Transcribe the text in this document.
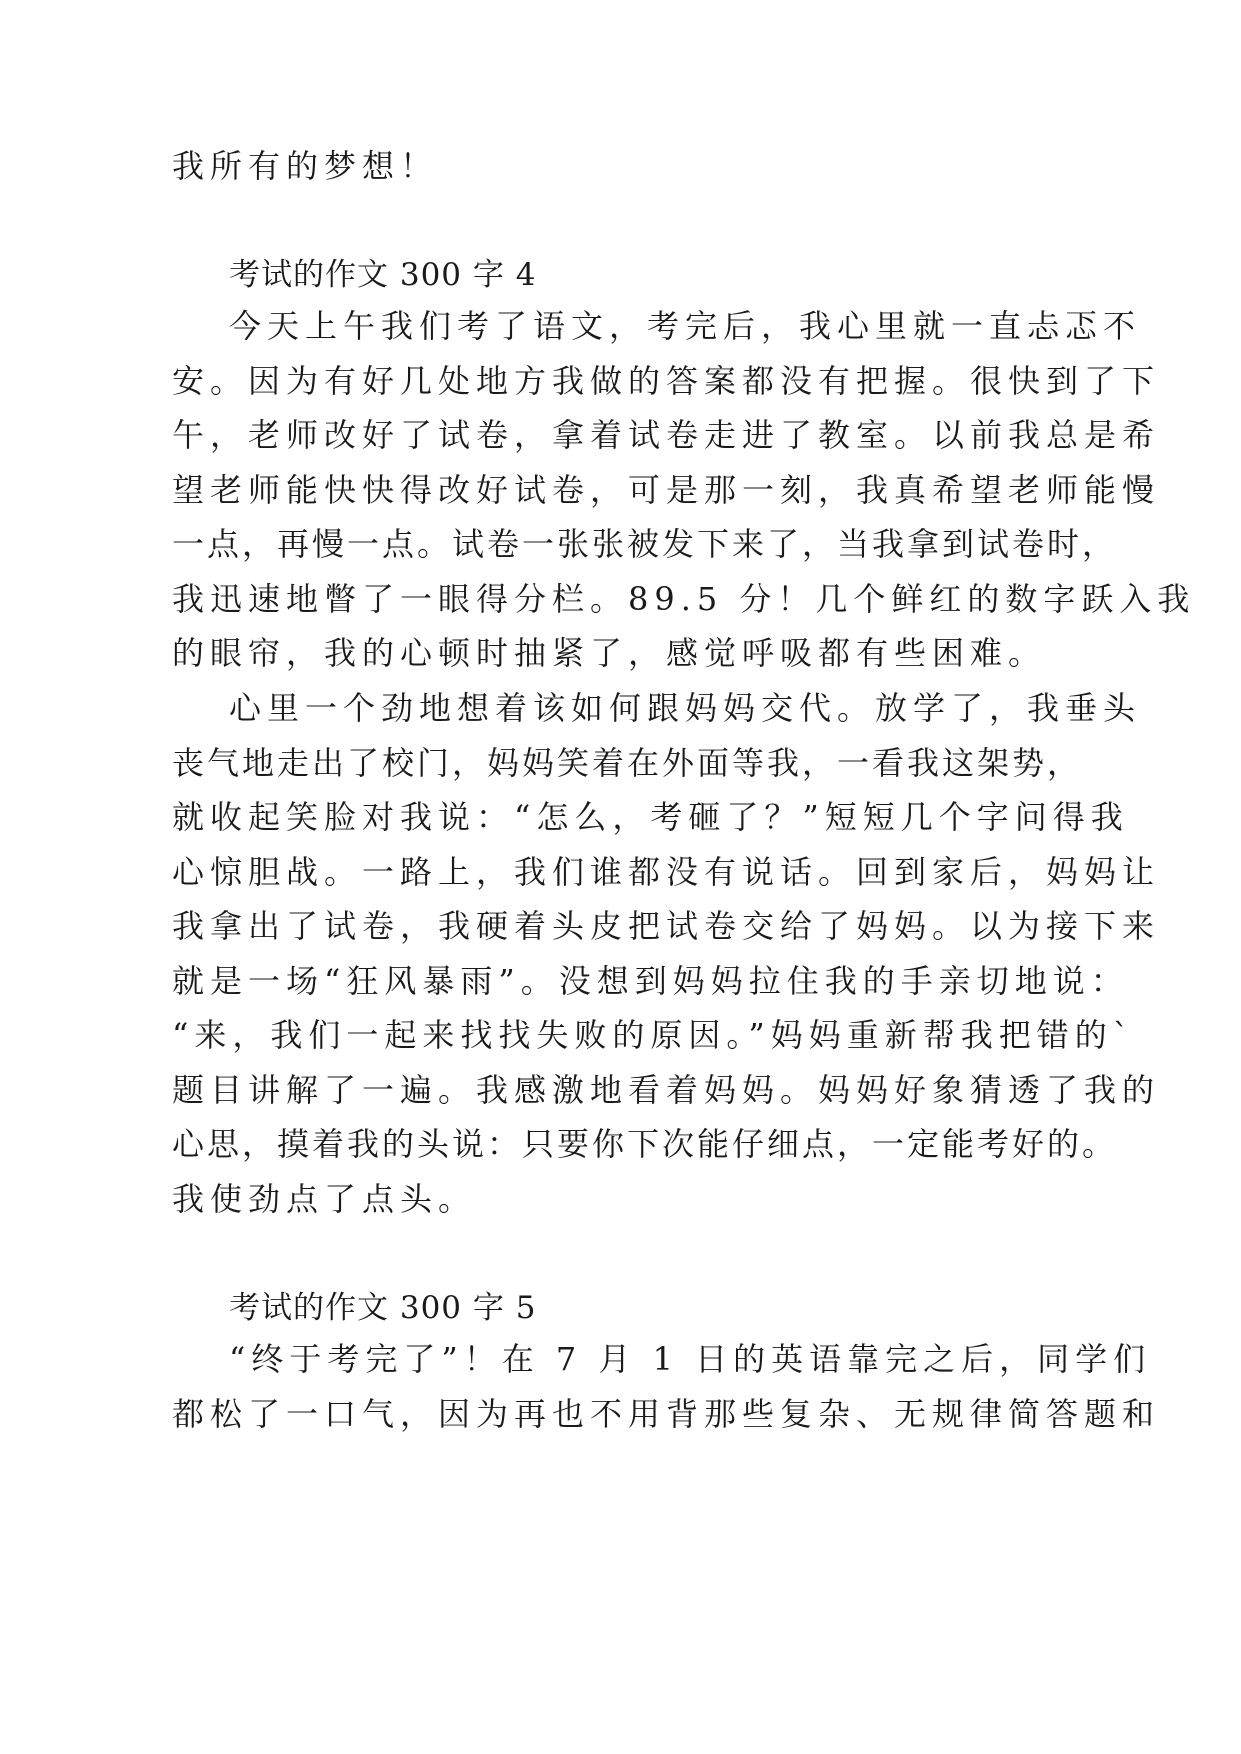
我所有的梦想！

考试的作文 300 字 4

今天上午我们考了语文，考完后，我心里就一直忐忑不

安。因为有好几处地方我做的答案都没有把握。很快到了下

午，老师改好了试卷，拿着试卷走进了教室。以前我总是希

望老师能快快得改好试卷，可是那一刻，我真希望老师能慢

一点，再慢一点。试卷一张张被发下来了，当我拿到试卷时，

我迅速地瞥了一眼得分栏。89.5 分！几个鲜红的数字跃入我

的眼帘，我的心顿时抽紧了，感觉呼吸都有些困难。

心里一个劲地想着该如何跟妈妈交代。放学了，我垂头

丧气地走出了校门，妈妈笑着在外面等我，一看我这架势，

就收起笑脸对我说：“怎么，考砸了？”短短几个字问得我

心惊胆战。一路上，我们谁都没有说话。回到家后，妈妈让

我拿出了试卷，我硬着头皮把试卷交给了妈妈。以为接下来

就是一场“狂风暴雨”。没想到妈妈拉住我的手亲切地说：

“来，我们一起来找找失败的原因。”妈妈重新帮我把错的`

题目讲解了一遍。我感激地看着妈妈。妈妈好象猜透了我的

心思，摸着我的头说：只要你下次能仔细点，一定能考好的。

我使劲点了点头。

考试的作文 300 字 5

“终于考完了”！在 7 月 1 日的英语靠完之后，同学们

都松了一口气，因为再也不用背那些复杂、无规律简答题和
